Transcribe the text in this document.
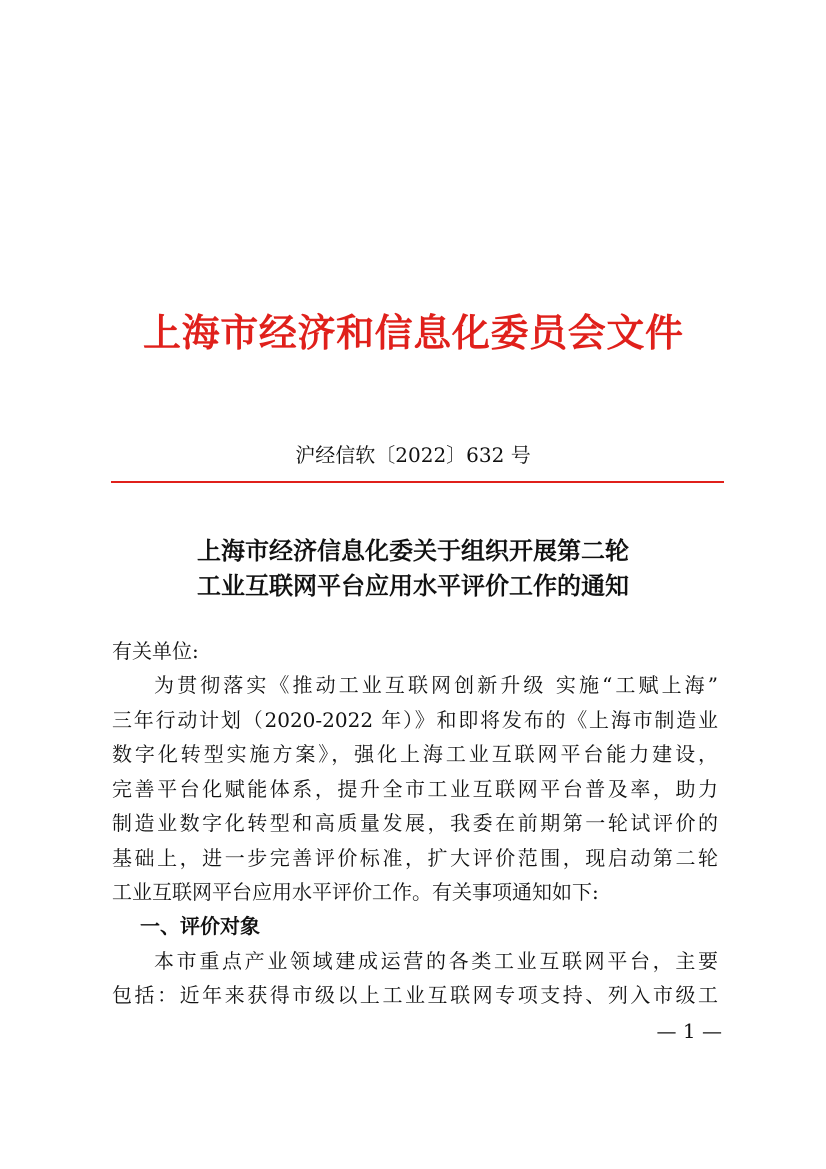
上海市经济和信息化委员会文件
沪经信软〔2022〕632 号
上海市经济信息化委关于组织开展第二轮
工业互联网平台应用水平评价工作的通知
有关单位:
为贯彻落实《推动工业互联网创新升级 实施“工赋上海”
三年行动计划（2020-2022 年）》和即将发布的《上海市制造业
数字化转型实施方案》，强化上海工业互联网平台能力建设，
完善平台化赋能体系，提升全市工业互联网平台普及率，助力
制造业数字化转型和高质量发展，我委在前期第一轮试评价的
基础上，进一步完善评价标准，扩大评价范围，现启动第二轮
工业互联网平台应用水平评价工作。有关事项通知如下:
一、评价对象
本市重点产业领域建成运营的各类工业互联网平台，主要
包括：近年来获得市级以上工业互联网专项支持、列入市级工
— 1 —
